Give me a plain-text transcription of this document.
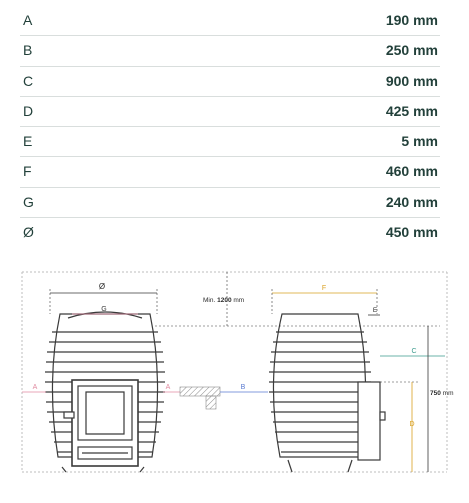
A	190 mm
B	250 mm
C	900 mm
D	425 mm
E	5 mm
F	460 mm
G	240 mm
Ø	450 mm
Ø
G
A	A	B
Min. 1200 mm
F
E
C
D
750 mm
